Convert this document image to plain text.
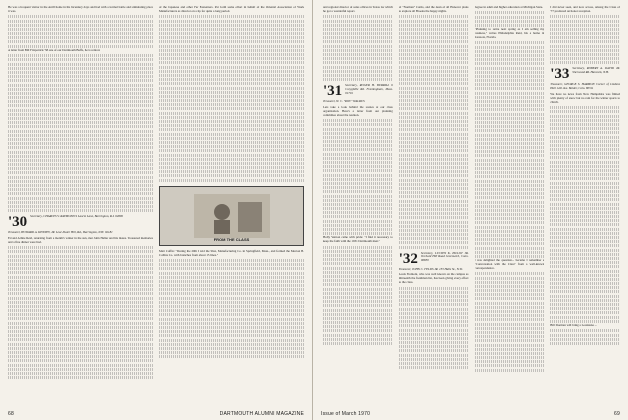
He was a frequent visitor in the Aniff home in his bicentury days and had with a formal battle and stimulating place it was.

A letter from Bill Fitzpatrick '38 one of our Dartmouth Buffs, he is retired.

'30 Secretary, CHARLES V. RAYMOND 9 Laurie Lane, Barrington, R.I. 02806
Treasurer, HOWARD A. KENNEY, JR. Lear-Slater Hill, Rd., Barrington, N.H. 02181

Ed and Arline Reid, returning from a month's winter in the sun, met John Heller and his mates. Treasured memories and a fine dinner were had.

of the Japanese and other Far Easterners. Pat forth some effort in behalf of the Oriental Association of Work Manufacturers as director on a tip for quite a long period.

FROM THE CLASS

Matt Coffin: "During the 20th I told the Shot, Manufacturing Co. in Springfield, Mass., and formed the Morton B. Collins Co. with branches from about 15 lines."

68	DARTMOUTH ALUMNI MAGAZINE

and regional director of sales offices in Texas for which he got a wonderful report.

'31 Secretary, ROGER H. BURRILL 6 Corygbille Rd. Framingham, Mass. 01701
Treasurer, W. C. "ROV" WALRUS

Lets take a look behind the scenes at our class organization. Here's a letter from our planning committee about the reunion.

Holly Vernon came with pride: "I find it necessary to keep the faith with the 1931 Dartmouth men."

of "Norman" Curtis, and the dean of all Hanover plans to explore all Brooks the happy nights.

'32 Secretary, LUCIEN K. PILLOT JR. Orchard Hill Road Greenwich, Conn. 06830
Treasurer, JOHN C. FELDS JR. 133 Halls St., N.W.

Louis Fremont, who was well known on the campus as thirteenth the freshman list, has been giving every effort to the class.

degree in adult and higher education at Michigan State.

"Planning to retire next spring as I am selling my business," writes Philadelphia Reid, his a home in Sarasota, Florida.

I was delighted the question... became I remember a "Conversation with the Class" from a well-known correspondence.

I did never seen, and now across, among the Class of '77 produced an honor reception.

'33 Secretary, ROBERT A. DAVID JR. Sherwood Rd. Hancock, N.H.
Treasurer, GEORGE S. HARMON Corner of Lindens Hall 12th Ave. Bolder, Colo. 80311

We have no news from New Hampshire was filmed with plenty of snow but no rain for the winter sports to clinch.

Bill Dorman will bring a Louisiana ...

Issue of March 1970	69
